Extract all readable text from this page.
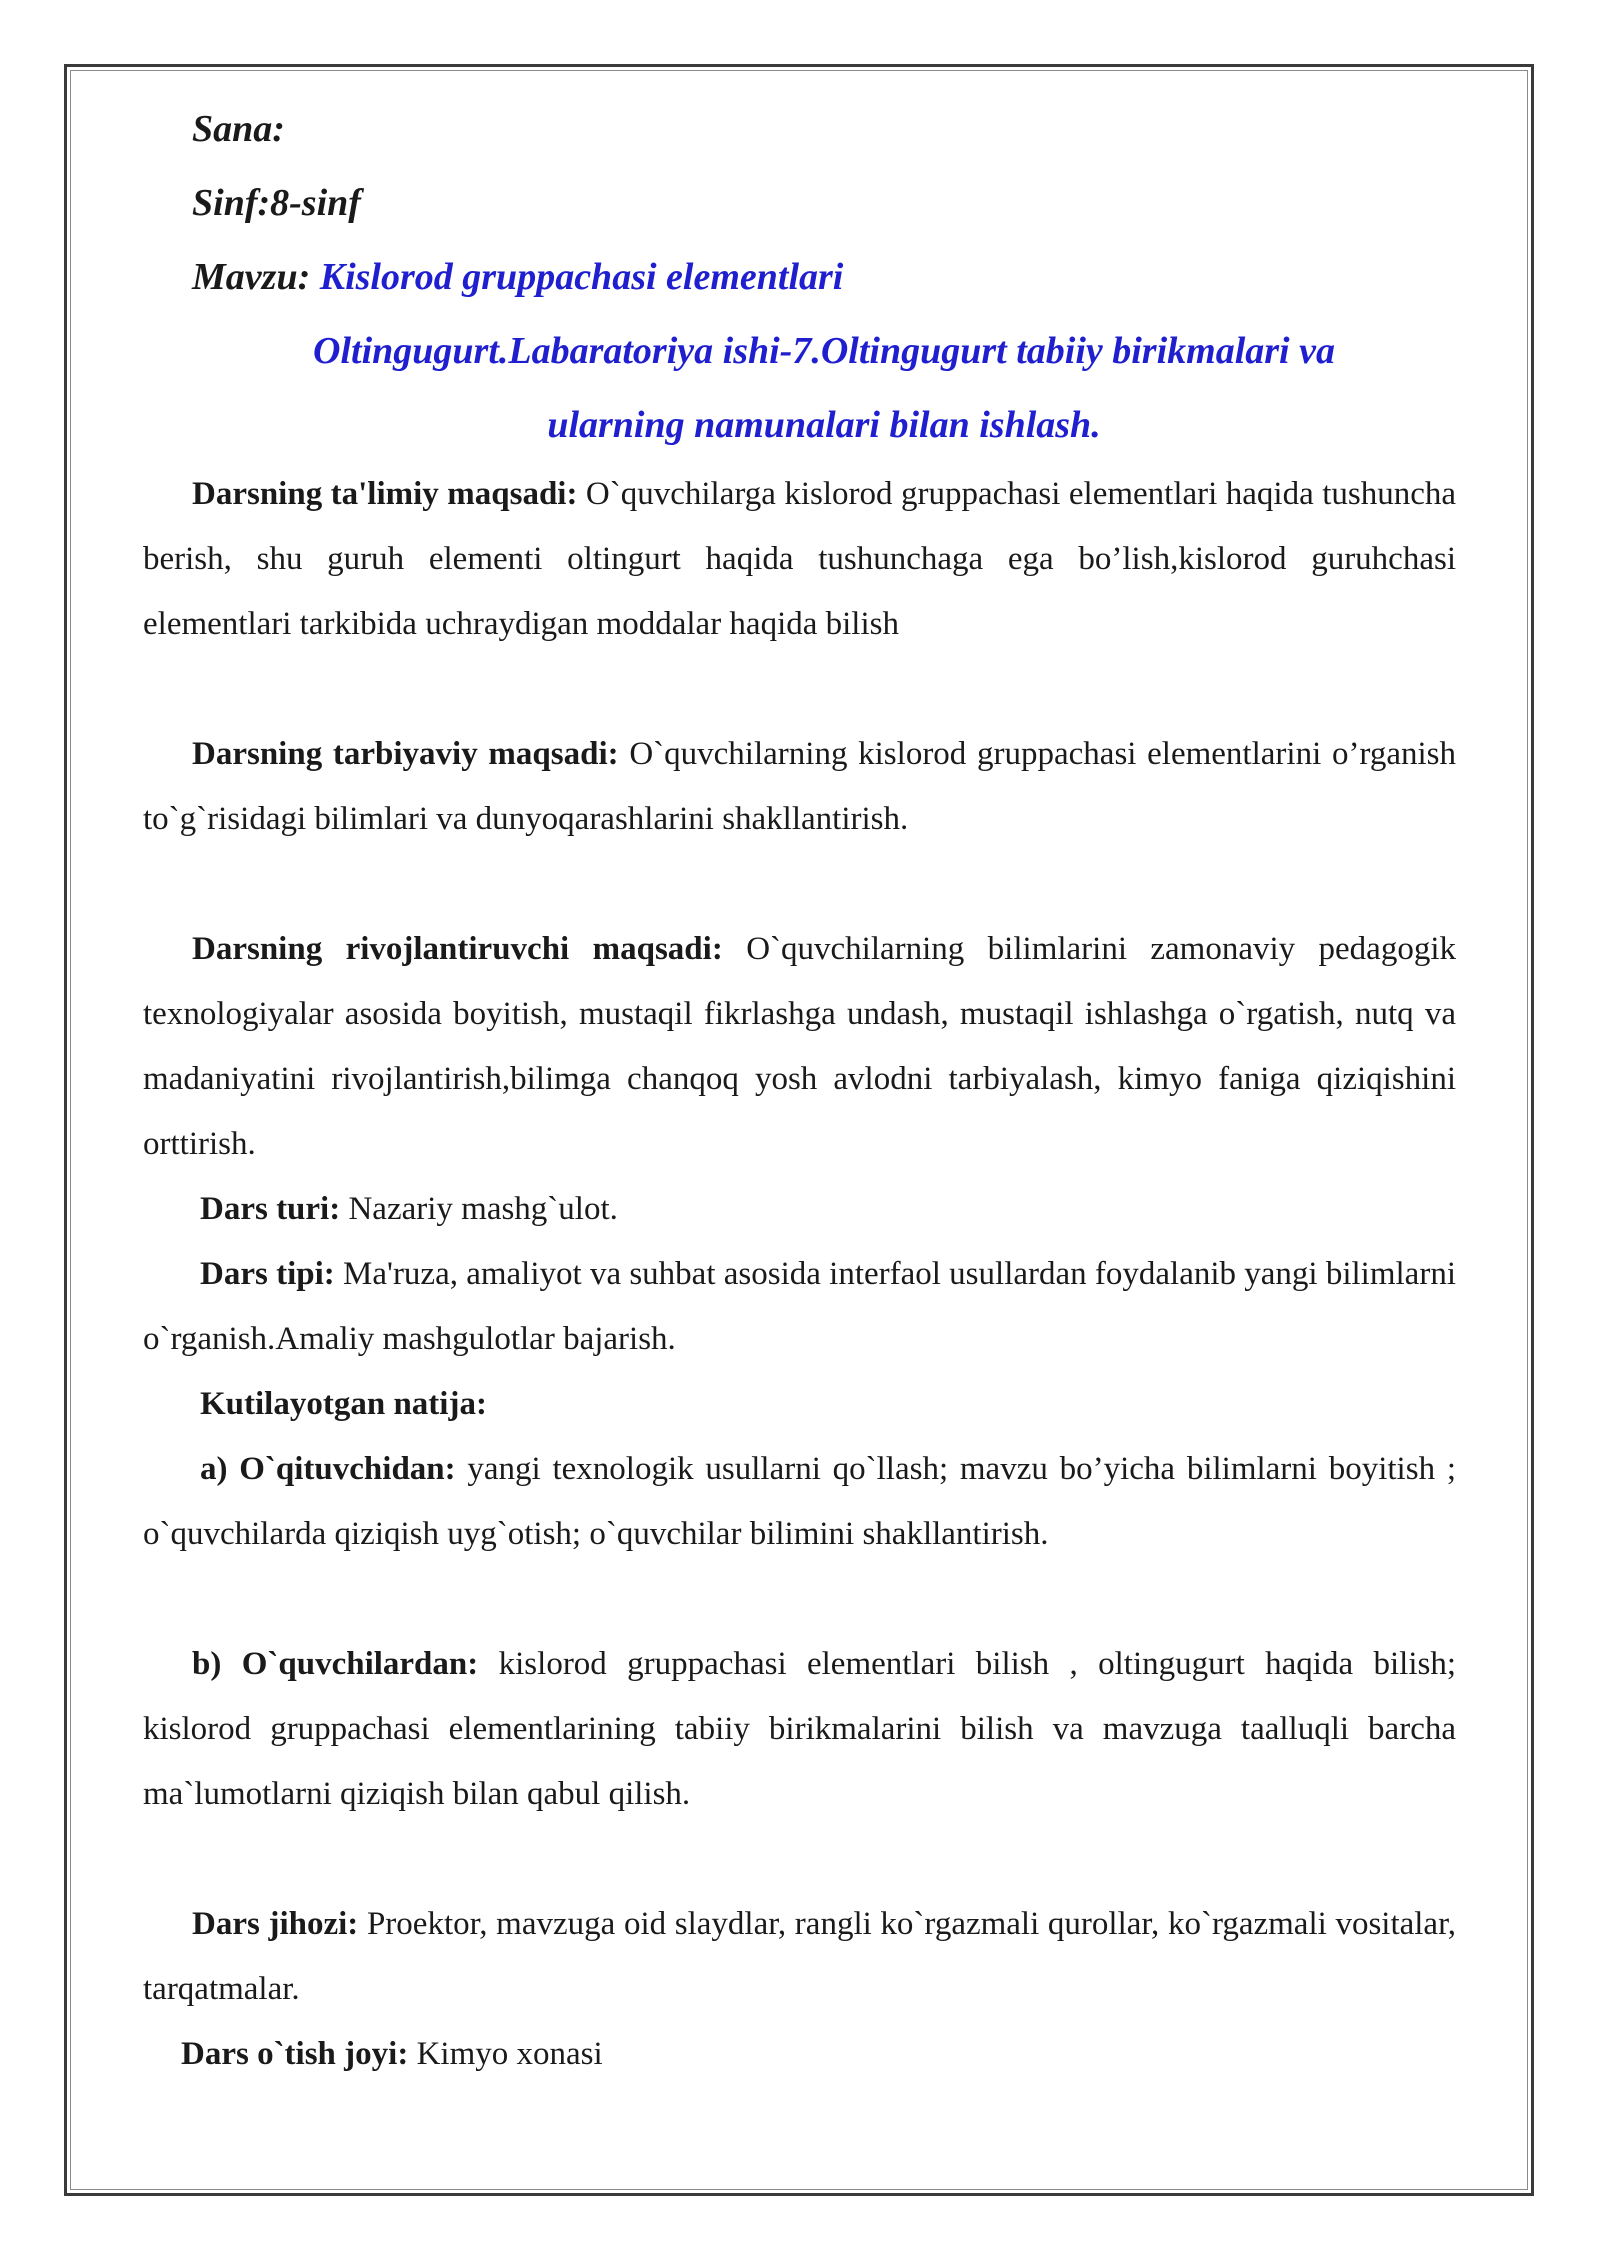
Sana:

Sinf:8-sinf

Mavzu: Kislorod gruppachasi elementlari

Oltingugurt.Labaratoriya ishi-7.Oltingugurt tabiiy birikmalari va

ularning namunalari bilan ishlash.

Darsning ta'limiy maqsadi: O`quvchilarga kislorod gruppachasi elementlari haqida tushuncha berish, shu guruh elementi oltingurt haqida tushunchaga ega bo’lish,kislorod guruhchasi elementlari tarkibida uchraydigan moddalar haqida bilish

Darsning tarbiyaviy maqsadi: O`quvchilarning kislorod gruppachasi elementlarini o’rganish to`g`risidagi bilimlari va dunyoqarashlarini shakllantirish.

Darsning rivojlantiruvchi maqsadi: O`quvchilarning bilimlarini zamonaviy pedagogik texnologiyalar asosida boyitish, mustaqil fikrlashga undash, mustaqil ishlashga o`rgatish, nutq va madaniyatini rivojlantirish,bilimga chanqoq yosh avlodni tarbiyalash, kimyo faniga qiziqishini orttirish.

Dars turi: Nazariy mashg`ulot.

Dars tipi: Ma'ruza, amaliyot va suhbat asosida interfaol usullardan foydalanib yangi bilimlarni o`rganish.Amaliy mashgulotlar bajarish.

Kutilayotgan natija:

a) O`qituvchidan: yangi texnologik usullarni qo`llash; mavzu bo’yicha bilimlarni boyitish ; o`quvchilarda qiziqish uyg`otish; o`quvchilar bilimini shakllantirish.

b) O`quvchilardan: kislorod gruppachasi elementlari bilish , oltingugurt haqida bilish; kislorod gruppachasi elementlarining tabiiy birikmalarini bilish va mavzuga taalluqli barcha ma`lumotlarni qiziqish bilan qabul qilish.

Dars jihozi: Proektor, mavzuga oid slaydlar, rangli ko`rgazmali qurollar, ko`rgazmali vositalar, tarqatmalar.

Dars o`tish joyi: Kimyo xonasi
